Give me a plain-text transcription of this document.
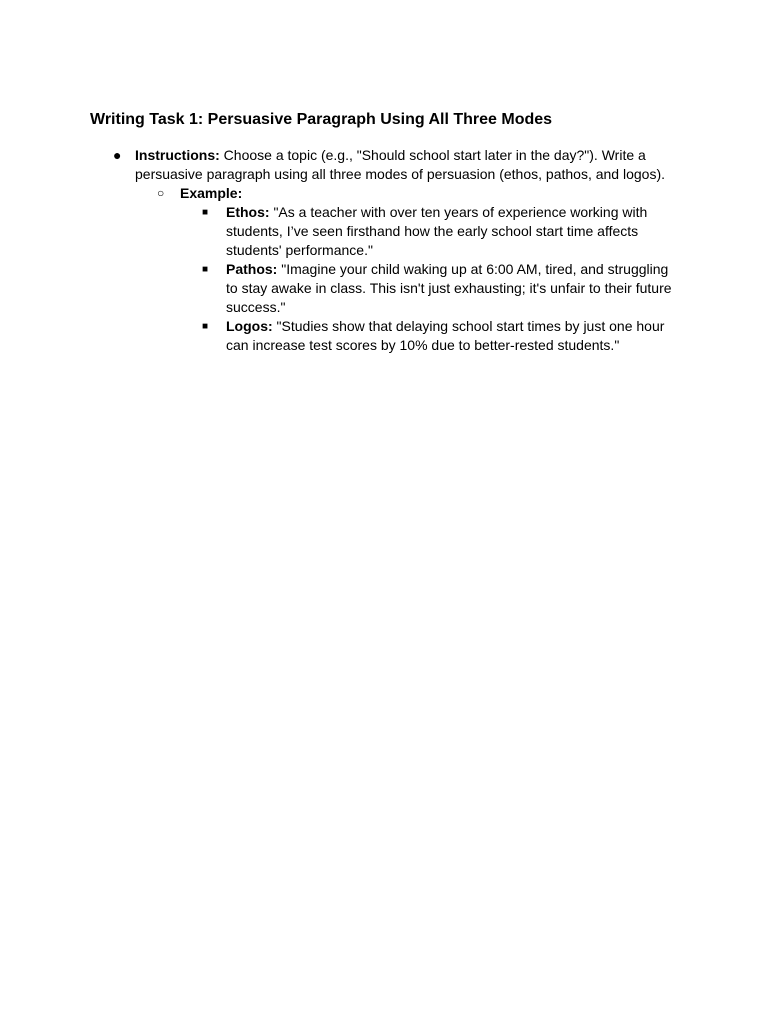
Writing Task 1: Persuasive Paragraph Using All Three Modes
● Instructions: Choose a topic (e.g., "Should school start later in the day?"). Write a persuasive paragraph using all three modes of persuasion (ethos, pathos, and logos).
○ Example:
■ Ethos: "As a teacher with over ten years of experience working with students, I’ve seen firsthand how the early school start time affects students' performance."
■ Pathos: "Imagine your child waking up at 6:00 AM, tired, and struggling to stay awake in class. This isn't just exhausting; it's unfair to their future success."
■ Logos: "Studies show that delaying school start times by just one hour can increase test scores by 10% due to better-rested students."
